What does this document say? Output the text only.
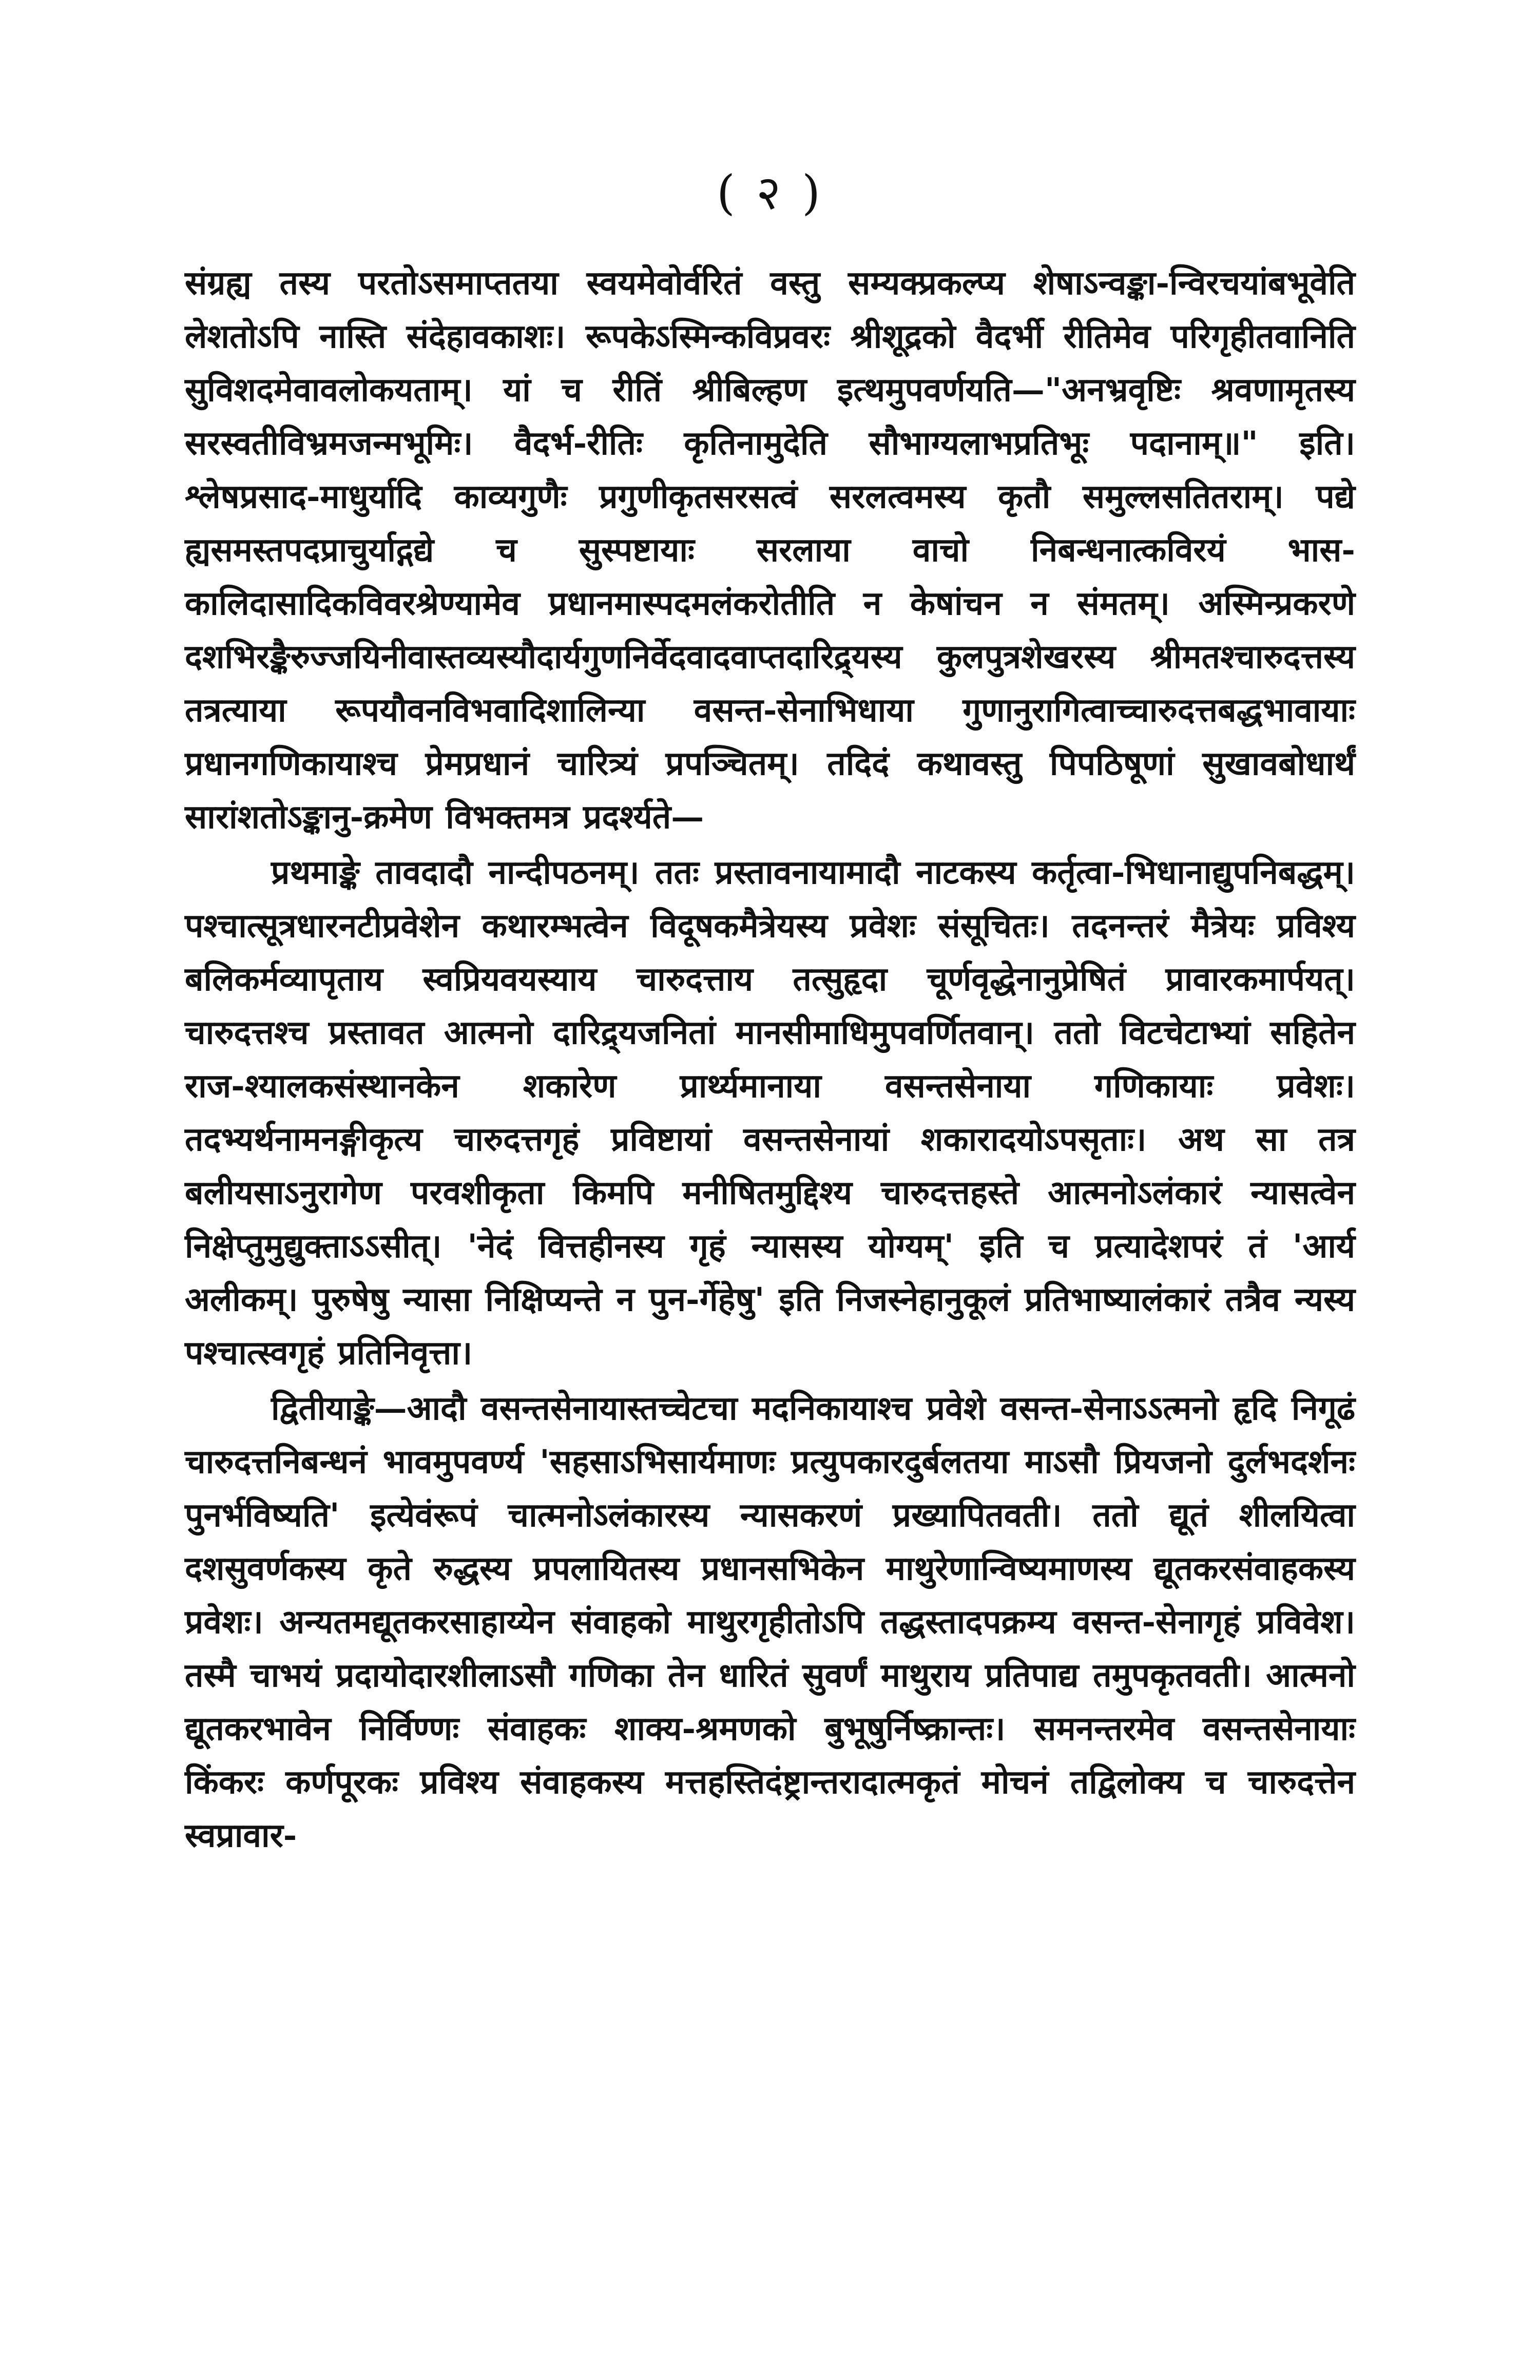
( २ )

संग्रह्य तस्य परतोऽसमाप्ततया स्वयमेवोर्वरितं वस्तु सम्यक्प्रकल्प्य शेषाऽन्वङ्का-न्विरचयांबभूवेति लेशतोऽपि नास्ति संदेहावकाशः। रूपकेऽस्मिन्कविप्रवरः श्रीशूद्रको वैदर्भी रीतिमेव परिगृहीतवानिति सुविशदमेवावलोकयताम्। यां च रीतिं श्रीबिल्हण इत्थमुपवर्णयति—"अनभ्रवृष्टिः श्रवणामृतस्य सरस्वतीविभ्रमजन्मभूमिः। वैदर्भ-रीतिः कृतिनामुदेति सौभाग्यलाभप्रतिभूः पदानाम्॥" इति। श्लेषप्रसाद-माधुर्यादि काव्यगुणैः प्रगुणीकृतसरसत्वं सरलत्वमस्य कृतौ समुल्लसतितराम्। पद्ये ह्यसमस्तपदप्राचुर्याद्गद्ये च सुस्पष्टायाः सरलाया वाचो निबन्धनात्कविरयं भास-कालिदासादिकविवरश्रेण्यामेव प्रधानमास्पदमलंकरोतीति न केषांचन न संमतम्। अस्मिन्प्रकरणे दशभिरङ्कैरुज्जयिनीवास्तव्यस्यौदार्यगुणनिर्वेदवादवाप्तदारिद्र्यस्य कुलपुत्रशेखरस्य श्रीमतश्चारुदत्तस्य तत्रत्याया रूपयौवनविभवादिशालिन्या वसन्त-सेनाभिधाया गुणानुरागित्वाच्चारुदत्तबद्धभावायाः प्रधानगणिकायाश्च प्रेमप्रधानं चारित्र्यं प्रपञ्चितम्। तदिदं कथावस्तु पिपठिषूणां सुखावबोधार्थं सारांशतोऽङ्कानु-क्रमेण विभक्तमत्र प्रदर्श्यते—

प्रथमाङ्के तावदादौ नान्दीपठनम्। ततः प्रस्तावनायामादौ नाटकस्य कर्तृत्वा-भिधानाद्युपनिबद्धम्। पश्चात्सूत्रधारनटीप्रवेशेन कथारम्भत्वेन विदूषकमैत्रेयस्य प्रवेशः संसूचितः। तदनन्तरं मैत्रेयः प्रविश्य बलिकर्मव्यापृताय स्वप्रियवयस्याय चारुदत्ताय तत्सुहृदा चूर्णवृद्धेनानुप्रेषितं प्रावारकमार्पयत्। चारुदत्तश्च प्रस्तावत आत्मनो दारिद्र्यजनितां मानसीमाधिमुपवर्णितवान्। ततो विटचेटाभ्यां सहितेन राज-श्यालकसंस्थानकेन शकारेण प्रार्थ्यमानाया वसन्तसेनाया गणिकायाः प्रवेशः। तदभ्यर्थनामनङ्गीकृत्य चारुदत्तगृहं प्रविष्टायां वसन्तसेनायां शकारादयोऽपसृताः। अथ सा तत्र बलीयसाऽनुरागेण परवशीकृता किमपि मनीषितमुद्दिश्य चारुदत्तहस्ते आत्मनोऽलंकारं न्यासत्वेन निक्षेप्तुमुद्युक्ताऽऽसीत्। 'नेदं वित्तहीनस्य गृहं न्यासस्य योग्यम्' इति च प्रत्यादेशपरं तं 'आर्य अलीकम्। पुरुषेषु न्यासा निक्षिप्यन्ते न पुन-र्गेहेषु' इति निजस्नेहानुकूलं प्रतिभाष्यालंकारं तत्रैव न्यस्य पश्चात्स्वगृहं प्रतिनिवृत्ता।

द्वितीयाङ्के—आदौ वसन्तसेनायास्तच्चेटचा मदनिकायाश्च प्रवेशे वसन्त-सेनाऽऽत्मनो हृदि निगूढं चारुदत्तनिबन्धनं भावमुपवर्ण्य 'सहसाऽभिसार्यमाणः प्रत्युपकारदुर्बलतया माऽसौ प्रियजनो दुर्लभदर्शनः पुनर्भविष्यति' इत्येवंरूपं चात्मनोऽलंकारस्य न्यासकरणं प्रख्यापितवती। ततो द्यूतं शीलयित्वा दशसुवर्णकस्य कृते रुद्धस्य प्रपलायितस्य प्रधानसभिकेन माथुरेणान्विष्यमाणस्य द्यूतकरसंवाहकस्य प्रवेशः। अन्यतमद्यूतकरसाहाय्येन संवाहको माथुरगृहीतोऽपि तद्धस्तादपक्रम्य वसन्त-सेनागृहं प्रविवेश। तस्मै चाभयं प्रदायोदारशीलाऽसौ गणिका तेन धारितं सुवर्णं माथुराय प्रतिपाद्य तमुपकृतवती। आत्मनो द्यूतकरभावेन निर्विण्णः संवाहकः शाक्य-श्रमणको बुभूषुर्निष्क्रान्तः। समनन्तरमेव वसन्तसेनायाः किंकरः कर्णपूरकः प्रविश्य संवाहकस्य मत्तहस्तिदंष्ट्रान्तरादात्मकृतं मोचनं तद्विलोक्य च चारुदत्तेन स्वप्रावार-
